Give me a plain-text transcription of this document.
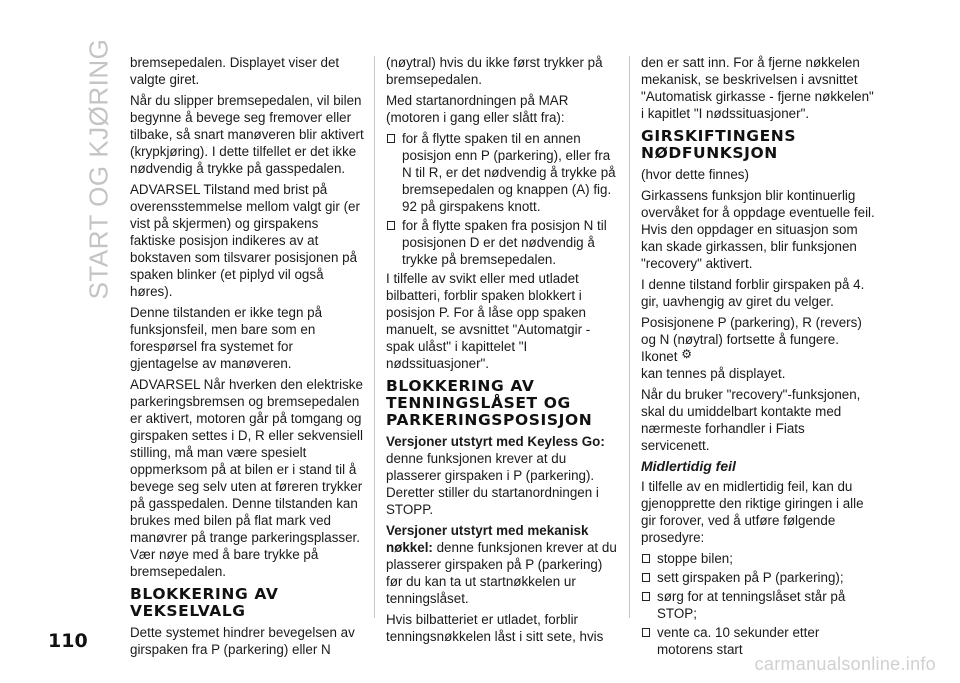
START OG KJØRING bremsepedalen. Displayet viser det valgte giret.

Når du slipper bremsepedalen, vil bilen begynne å bevege seg fremover eller tilbake, så snart manøveren blir aktivert (krypkjøring). I dette tilfellet er det ikke nødvendig å trykke på gasspedalen.

ADVARSEL Tilstand med brist på overensstemmelse mellom valgt gir (er vist på skjermen) og girspakens faktiske posisjon indikeres av at bokstaven som tilsvarer posisjonen på spaken blinker (et piplyd vil også høres).

Denne tilstanden er ikke tegn på funksjonsfeil, men bare som en forespørsel fra systemet for gjentagelse av manøveren.

ADVARSEL Når hverken den elektriske parkeringsbremsen og bremsepedalen er aktivert, motoren går på tomgang og girspaken settes i D, R eller sekvensiell stilling, må man være spesielt oppmerksom på at bilen er i stand til å bevege seg selv uten at føreren trykker på gasspedalen. Denne tilstanden kan brukes med bilen på flat mark ved manøvrer på trange parkeringsplasser. Vær nøye med å bare trykke på bremsepedalen.

BLOKKERING AV VEKSELVALG

Dette systemet hindrer bevegelsen av girspaken fra P (parkering) eller N

(nøytral) hvis du ikke først trykker på bremsepedalen.

Med startanordningen på MAR (motoren i gang eller slått fra):

for å flytte spaken til en annen posisjon enn P (parkering), eller fra N til R, er det nødvendig å trykke på bremsepedalen og knappen (A) fig. 92 på girspakens knott.
for å flytte spaken fra posisjon N til posisjonen D er det nødvendig å trykke på bremsepedalen.

I tilfelle av svikt eller med utladet bilbatteri, forblir spaken blokkert i posisjon P. For å låse opp spaken manuelt, se avsnittet "Automatgir - spak ulåst" i kapittelet "I nødssituasjoner".

BLOKKERING AV TENNINGSLÅSET OG PARKERINGSPOSISJON

Versjoner utstyrt med Keyless Go: denne funksjonen krever at du plasserer girspaken i P (parkering). Deretter stiller du startanordningen i STOPP.

Versjoner utstyrt med mekanisk nøkkel: denne funksjonen krever at du plasserer girspaken på P (parkering) før du kan ta ut startnøkkelen ur tenningslåset.

Hvis bilbatteriet er utladet, forblir tenningsnøkkelen låst i sitt sete, hvis

den er satt inn. For å fjerne nøkkelen mekanisk, se beskrivelsen i avsnittet "Automatisk girkasse - fjerne nøkkelen" i kapitlet "I nødssituasjoner".

GIRSKIFTINGENS NØDFUNKSJON

(hvor dette finnes)

Girkassens funksjon blir kontinuerlig overvåket for å oppdage eventuelle feil. Hvis den oppdager en situasjon som kan skade girkassen, blir funksjonen "recovery" aktivert.

I denne tilstand forblir girspaken på 4. gir, uavhengig av giret du velger.

Posisjonene P (parkering), R (revers) og N (nøytral) fortsette å fungere. Ikonet ⚙
kan tennes på displayet.

Når du bruker "recovery"-funksjonen, skal du umiddelbart kontakte med nærmeste forhandler i Fiats servicenett.

Midlertidig feil

I tilfelle av en midlertidig feil, kan du gjenopprette den riktige giringen i alle gir forover, ved å utføre følgende prosedyre:

stoppe bilen;
sett girspaken på P (parkering);
sørg for at tenningslåset står på STOP;
vente ca. 10 sekunder etter motorens start
110
carmanualsonline.info
